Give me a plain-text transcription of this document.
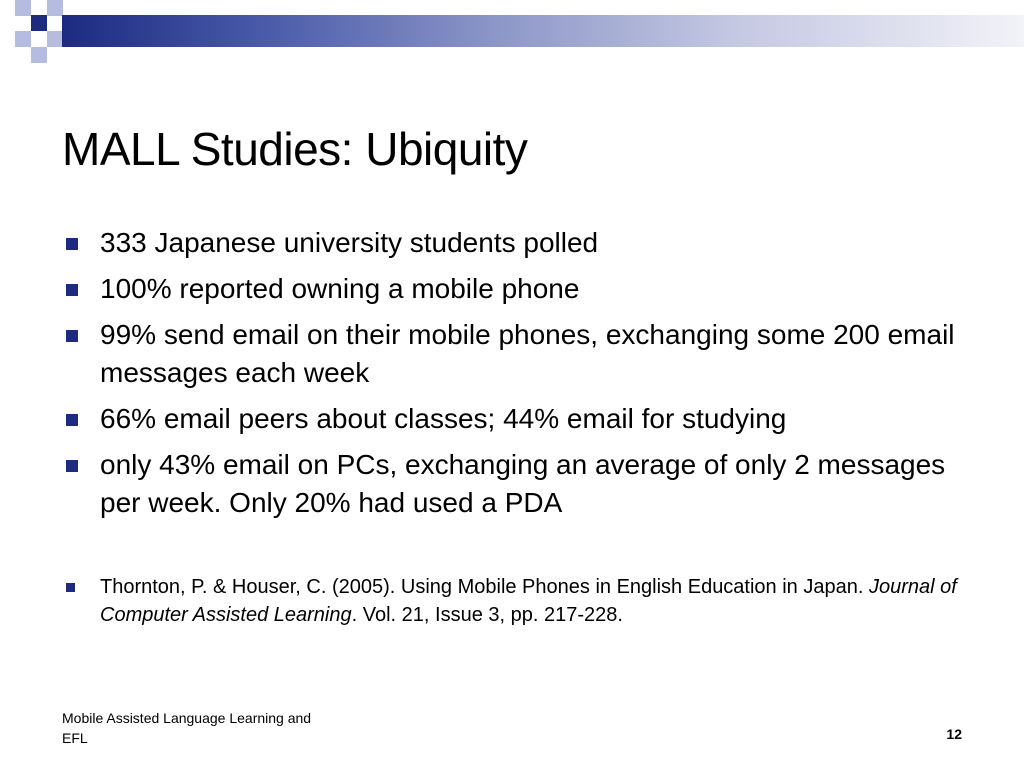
MALL Studies: Ubiquity
333 Japanese university students polled
100% reported owning a mobile phone
99% send email on their mobile phones, exchanging some 200 email messages each week
66% email peers about classes; 44% email for studying
only 43% email on PCs, exchanging an average of only 2 messages per week. Only 20% had used a PDA
Thornton, P. & Houser, C. (2005). Using Mobile Phones in English Education in Japan. Journal of Computer Assisted Learning. Vol. 21, Issue 3, pp. 217-228.
Mobile Assisted Language Learning and EFL	12
